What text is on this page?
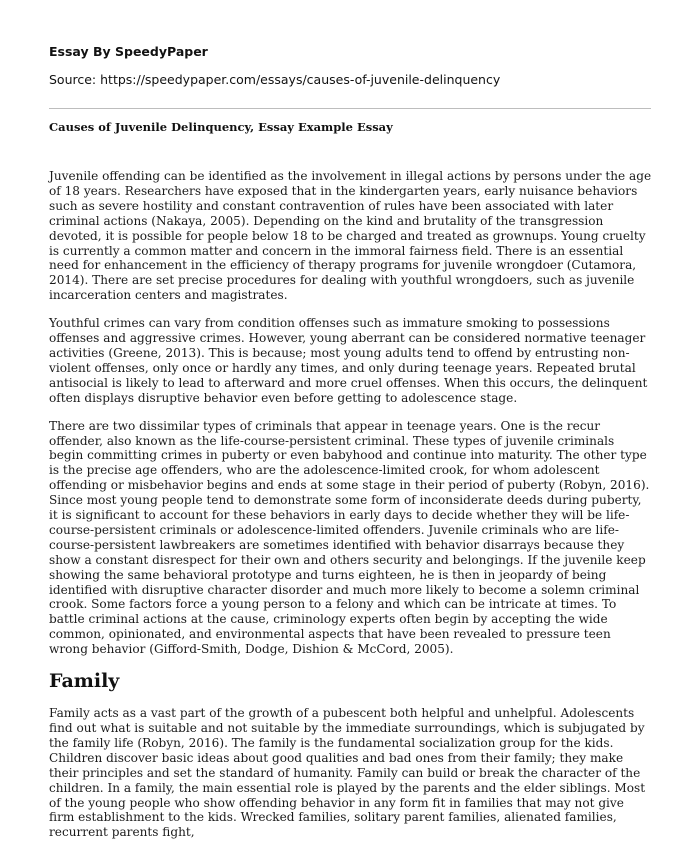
Essay By SpeedyPaper
Source: https://speedypaper.com/essays/causes-of-juvenile-delinquency
Causes of Juvenile Delinquency, Essay Example Essay

Juvenile offending can be identified as the involvement in illegal actions by persons under the age of 18 years. Researchers have exposed that in the kindergarten years, early nuisance behaviors such as severe hostility and constant contravention of rules have been associated with later criminal actions (Nakaya, 2005). Depending on the kind and brutality of the transgression devoted, it is possible for people below 18 to be charged and treated as grownups. Young cruelty is currently a common matter and concern in the immoral fairness field. There is an essential need for enhancement in the efficiency of therapy programs for juvenile wrongdoer (Cutamora, 2014). There are set precise procedures for dealing with youthful wrongdoers, such as juvenile incarceration centers and magistrates.

Youthful crimes can vary from condition offenses such as immature smoking to possessions offenses and aggressive crimes. However, young aberrant can be considered normative teenager activities (Greene, 2013). This is because; most young adults tend to offend by entrusting non-violent offenses, only once or hardly any times, and only during teenage years. Repeated brutal antisocial is likely to lead to afterward and more cruel offenses. When this occurs, the delinquent often displays disruptive behavior even before getting to adolescence stage.

There are two dissimilar types of criminals that appear in teenage years. One is the recur offender, also known as the life-course-persistent criminal. These types of juvenile criminals begin committing crimes in puberty or even babyhood and continue into maturity. The other type is the precise age offenders, who are the adolescence-limited crook, for whom adolescent offending or misbehavior begins and ends at some stage in their period of puberty (Robyn, 2016). Since most young people tend to demonstrate some form of inconsiderate deeds during puberty, it is significant to account for these behaviors in early days to decide whether they will be life-course-persistent criminals or adolescence-limited offenders. Juvenile criminals who are life-course-persistent lawbreakers are sometimes identified with behavior disarrays because they show a constant disrespect for their own and others security and belongings. If the juvenile keep showing the same behavioral prototype and turns eighteen, he is then in jeopardy of being identified with disruptive character disorder and much more likely to become a solemn criminal crook. Some factors force a young person to a felony and which can be intricate at times. To battle criminal actions at the cause, criminology experts often begin by accepting the wide common, opinionated, and environmental aspects that have been revealed to pressure teen wrong behavior (Gifford-Smith, Dodge, Dishion & McCord, 2005).

Family

Family acts as a vast part of the growth of a pubescent both helpful and unhelpful. Adolescents find out what is suitable and not suitable by the immediate surroundings, which is subjugated by the family life (Robyn, 2016). The family is the fundamental socialization group for the kids. Children discover basic ideas about good qualities and bad ones from their family; they make their principles and set the standard of humanity. Family can build or break the character of the children. In a family, the main essential role is played by the parents and the elder siblings. Most of the young people who show offending behavior in any form fit in families that may not give firm establishment to the kids. Wrecked families, solitary parent families, alienated families, recurrent parents fight,
